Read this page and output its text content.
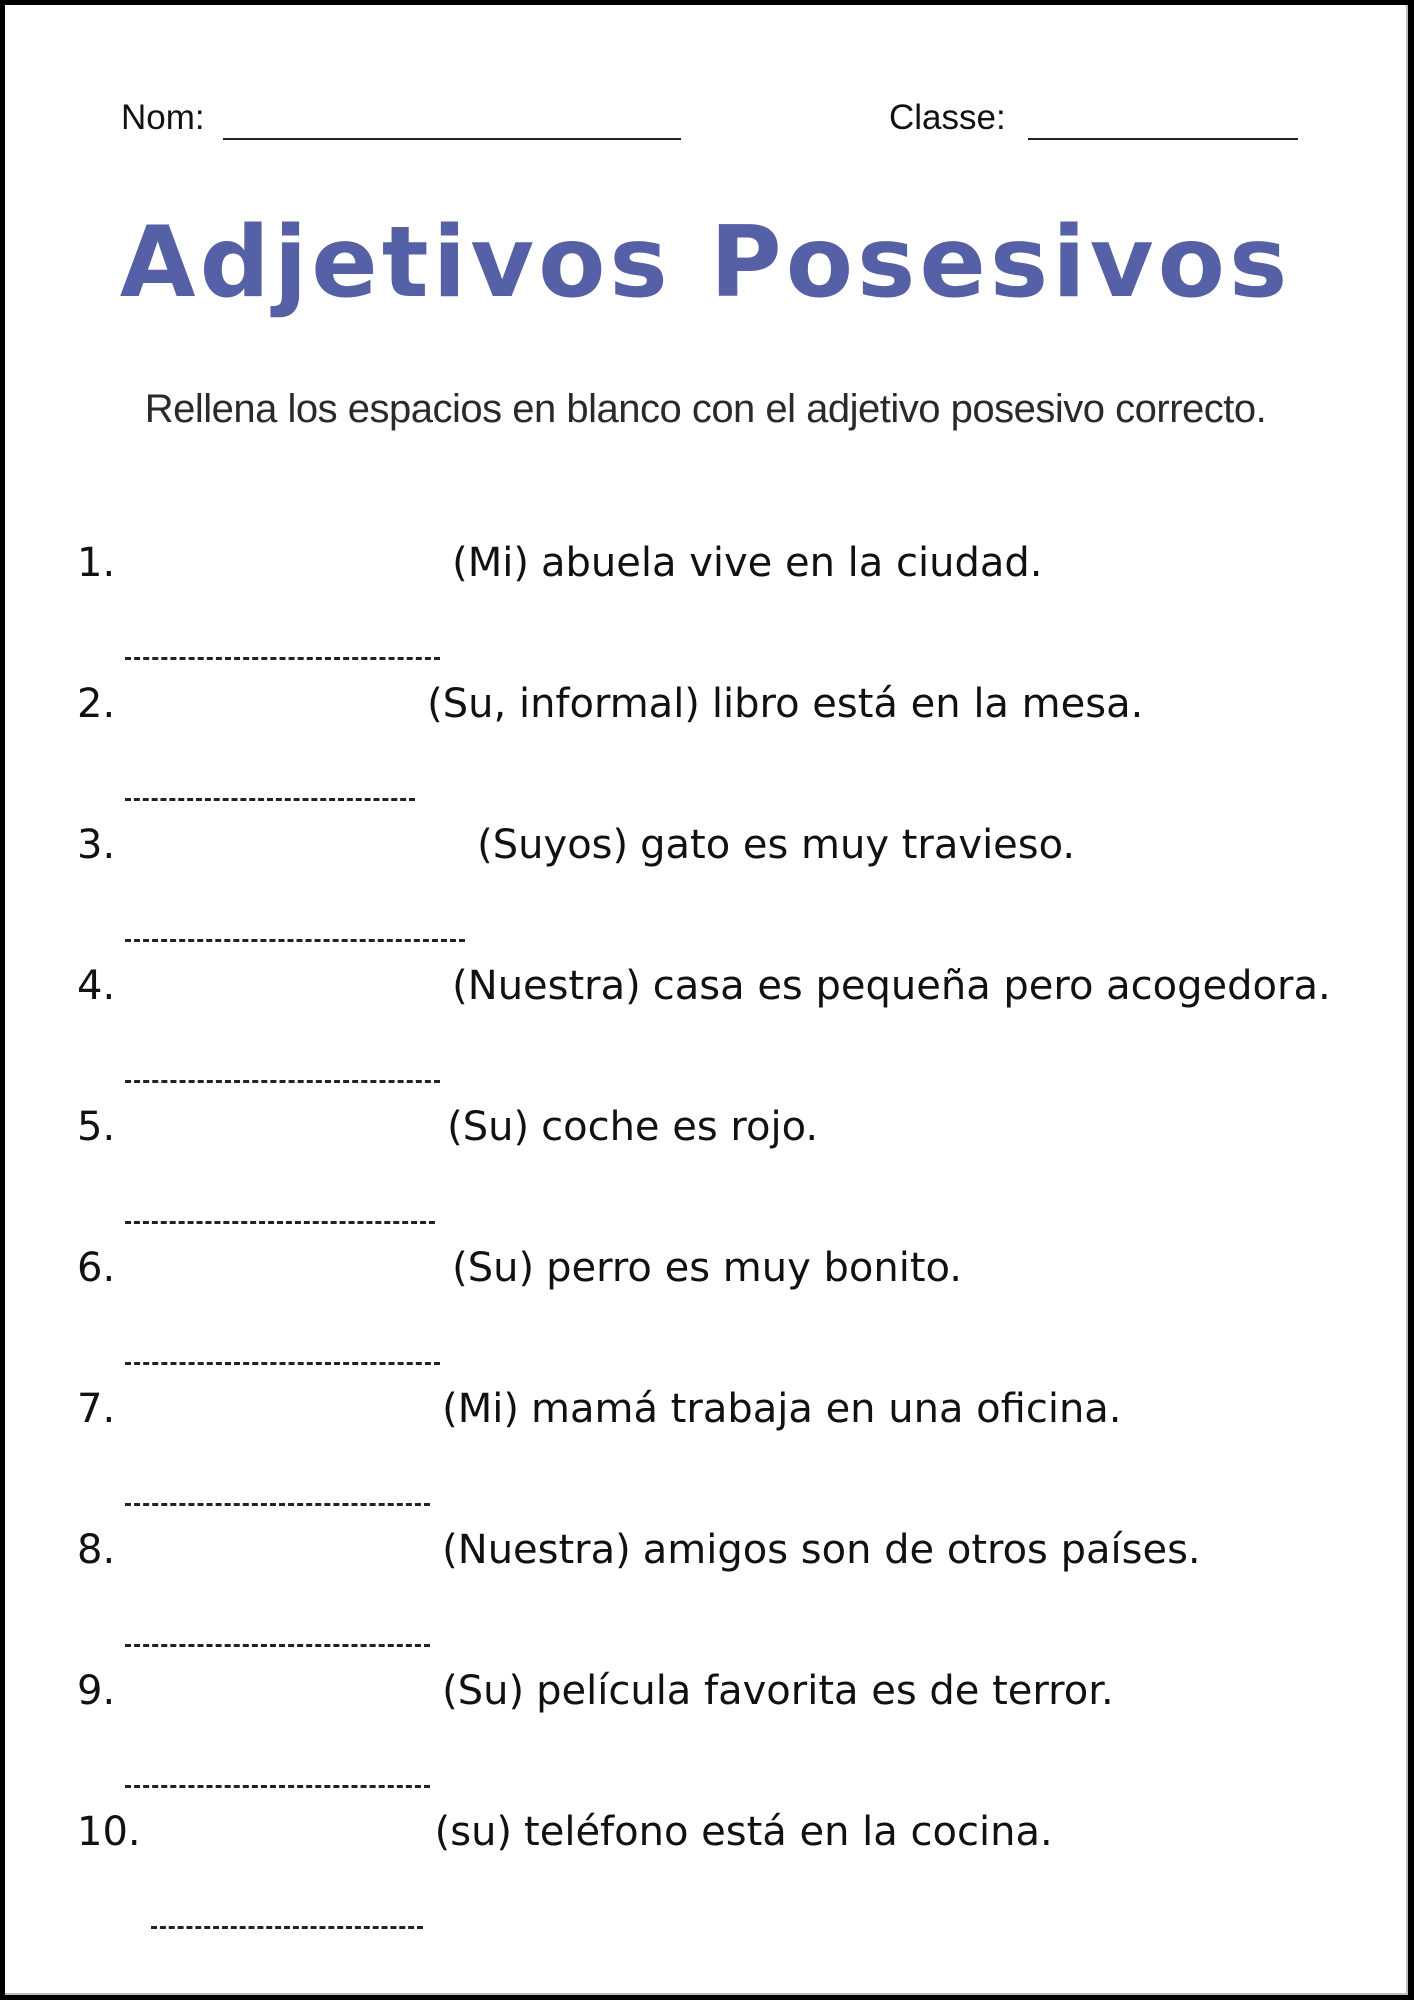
Nom:	Classe:
Adjetivos Posesivos
Rellena los espacios en blanco con el adjetivo posesivo correcto.
1.	(Mi) abuela vive en la ciudad.
2.	(Su, informal) libro está en la mesa.
3.	(Suyos) gato es muy travieso.
4.	(Nuestra) casa es pequeña pero acogedora.
5.	(Su) coche es rojo.
6.	(Su) perro es muy bonito.
7.	(Mi) mamá trabaja en una oficina.
8.	(Nuestra) amigos son de otros países.
9.	(Su) película favorita es de terror.
10.	(su) teléfono está en la cocina.
